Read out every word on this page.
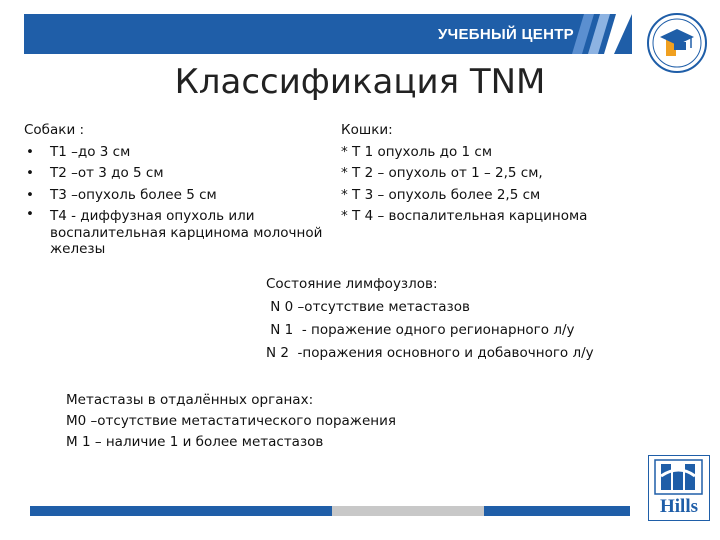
УЧЕБНЫЙ ЦЕНТР
Классификация TNM
Собаки :
• Т1 –до 3 см
• Т2 –от 3 до 5 см
• Т3 –опухоль более 5 см
• Т4 - диффузная опухоль или воспалительная карцинома молочной железы
Кошки:
* Т 1 опухоль до 1 см
* Т 2 – опухоль от 1 – 2,5 см,
* Т 3 – опухоль более 2,5 см
* Т 4 – воспалительная карцинома
Состояние лимфоузлов:
N 0 –отсутствие метастазов
N 1  - поражение одного регионарного л/у
N 2  -поражения основного и добавочного л/у
Метастазы в отдалённых органах:
М0 –отсутствие метастатического поражения
М 1 – наличие 1 и более метастазов
Hills
